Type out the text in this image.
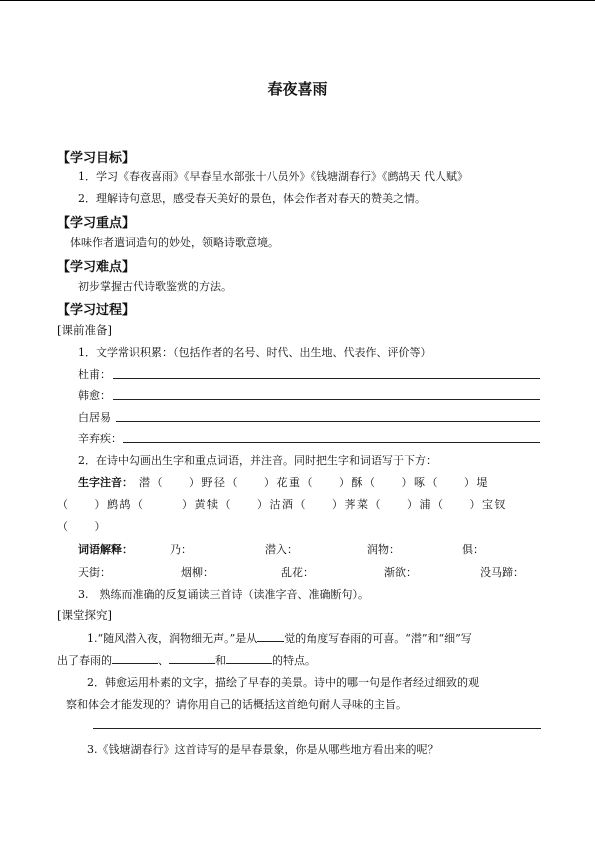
春夜喜雨
【学习目标】
1．学习《春夜喜雨》《早春呈水部张十八员外》《钱塘湖春行》《鹧鸪天 代人赋》
2．理解诗句意思，感受春天美好的景色，体会作者对春天的赞美之情。
【学习重点】
体味作者遣词造句的妙处，领略诗歌意境。
【学习难点】
初步掌握古代诗歌鉴赏的方法。
【学习过程】
[课前准备]
1．文学常识积累：（包括作者的名号、时代、出生地、代表作、评价等）
杜甫：
韩愈：
白居易
辛弃疾：
2．在诗中勾画出生字和重点词语，并注音。同时把生字和词语写于下方：
生字注音： 潜（　　）野径（　　）花重（　　）酥（　　）啄（　　）堤
（　　）鹧鸪（　　　）黄犊（　　）沽酒（　　）荠菜（　　）浦（　　）宝钗
（　　）
词语解释：	乃：	潜入：	润物：	俱：
天街：	烟柳：	乱花：	渐欲：	没马蹄：
3.　熟练而准确的反复诵读三首诗（读准字音、准确断句）。
[课堂探究]
1.“随风潜入夜，润物细无声。”是从 觉的角度写春雨的可喜。“潜”和“细”写
出了春雨的	、	和	的特点。
2．韩愈运用朴素的文字，描绘了早春的美景。诗中的哪一句是作者经过细致的观
察和体会才能发现的？请你用自己的话概括这首绝句耐人寻味的主旨。
3.《钱塘湖春行》这首诗写的是早春景象，你是从哪些地方看出来的呢？
